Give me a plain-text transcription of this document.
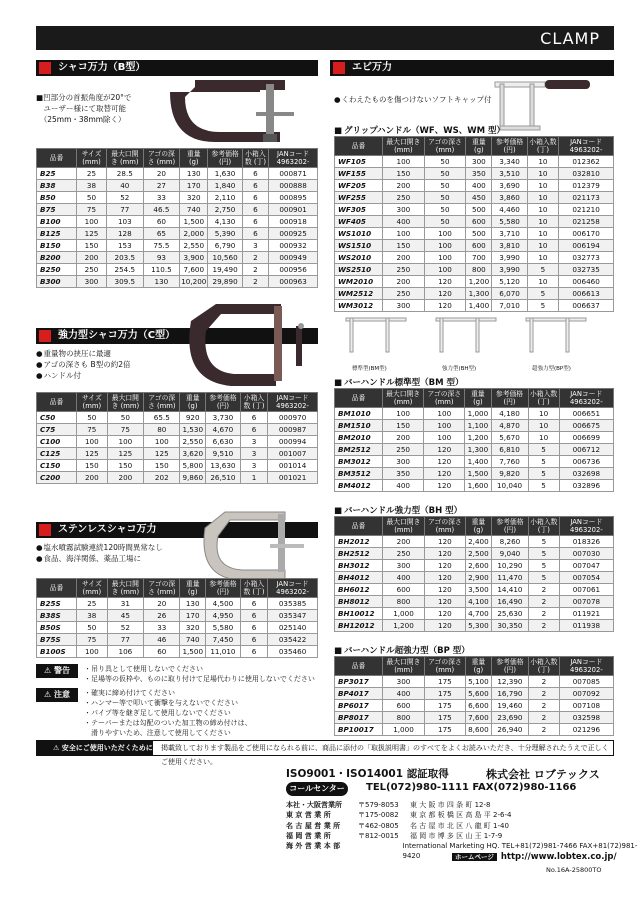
CLAMP
シャコ万力（B型）

■凹部分の首振角度が20°で

　ユーザー様にて取替可能

　（25mm・38mm除く）

品番	サイズ (mm)	最大口開き (mm)	アゴの深さ (mm)	重量 (g)	参考価格 (円)	小箱入数 (丁)	JANコード 4963202-
B25	25	28.5	20	130	1,630	6	000871
B38	38	40	27	170	1,840	6	000888
B50	50	52	33	320	2,110	6	000895
B75	75	77	46.5	740	2,750	6	000901
B100	100	103	60	1,500	4,130	6	000918
B125	125	128	65	2,000	5,390	6	000925
B150	150	153	75.5	2,550	6,790	3	000932
B200	200	203.5	93	3,900	10,560	2	000949
B250	250	254.5	110.5	7,600	19,490	2	000956
B300	300	309.5	130	10,200	29,890	2	000963
強力型シャコ万力（C型）
● 重量物の挟圧に最適
● アゴの深さも B型の約2倍
● ハンドル付
品番	サイズ (mm)	最大口開き (mm)	アゴの深さ (mm)	重量 (g)	参考価格 (円)	小箱入数 (丁)	JANコード 4963202-
C50	50	50	65.5	920	3,730	6	000970
C75	75	75	80	1,530	4,670	6	000987
C100	100	100	100	2,550	6,630	3	000994
C125	125	125	125	3,620	9,510	3	001007
C150	150	150	150	5,800	13,630	3	001014
C200	200	200	202	9,860	26,510	1	001021
ステンレスシャコ万力
● 塩水噴霧試験連続120時間異常なし
● 食品、海洋関係、薬品工場に
品番	サイズ (mm)	最大口開き (mm)	アゴの深さ (mm)	重量 (g)	参考価格 (円)	小箱入数 (丁)	JANコード 4963202-
B25S	25	31	20	130	4,500	6	035385
B38S	38	45	26	170	4,950	6	035347
B50S	50	52	33	320	5,580	6	025140
B75S	75	77	46	740	7,450	6	035422
B100S	100	106	60	1,500	11,010	6	035460
⚠ 警告	・吊り具として使用しないでください
・足場等の仮枠や、ものに取り付けて足場代わりに使用しないでください
⚠ 注意	・確実に締め付けてください
・ハンマー等で叩いて衝撃を与えないでください
・パイプ等を継ぎ足して使用しないでください
・テーパーまたは勾配のついた加工物の締め付けは、
　滑りやすいため、注意して使用してください
エビ万力
● くわえたものを傷つけないソフトキャップ付
■ グリップハンドル（WF、WS、WM 型）
品番	最大口開き (mm)	アゴの深さ (mm)	重量 (g)	参考価格 (円)	小箱入数 (丁)	JANコード 4963202-
WF105	100	50	300	3,340	10	012362
WF155	150	50	350	3,510	10	032810
WF205	200	50	400	3,690	10	012379
WF255	250	50	450	3,860	10	021173
WF305	300	50	500	4,460	10	021210
WF405	400	50	600	5,580	10	021258
WS1010	100	100	500	3,710	10	006170
WS1510	150	100	600	3,810	10	006194
WS2010	200	100	700	3,990	10	032773
WS2510	250	100	800	3,990	5	032735
WM2010	200	120	1,200	5,120	10	006460
WM2512	250	120	1,300	6,070	5	006613
WM3012	300	120	1,400	7,010	5	006637
標準型(BM型)	強力型(BH型)	超強力型(BP型)
■ バーハンドル標準型（BM 型）
品番	最大口開き (mm)	アゴの深さ (mm)	重量 (g)	参考価格 (円)	小箱入数 (丁)	JANコード 4963202-
BM1010	100	100	1,000	4,180	10	006651
BM1510	150	100	1,100	4,870	10	006675
BM2010	200	100	1,200	5,670	10	006699
BM2512	250	120	1,300	6,810	5	006712
BM3012	300	120	1,400	7,760	5	006736
BM3512	350	120	1,500	9,820	5	032698
BM4012	400	120	1,600	10,040	5	032896
■ バーハンドル強力型（BH 型）
品番	最大口開き (mm)	アゴの深さ (mm)	重量 (g)	参考価格 (円)	小箱入数 (丁)	JANコード 4963202-
BH2012	200	120	2,400	8,260	5	018326
BH2512	250	120	2,500	9,040	5	007030
BH3012	300	120	2,600	10,290	5	007047
BH4012	400	120	2,900	11,470	5	007054
BH6012	600	120	3,500	14,410	2	007061
BH8012	800	120	4,100	16,490	2	007078
BH10012	1,000	120	4,700	25,630	2	011921
BH12012	1,200	120	5,300	30,350	2	011938
■ バーハンドル超強力型（BP 型）
品番	最大口開き (mm)	アゴの深さ (mm)	重量 (g)	参考価格 (円)	小箱入数 (丁)	JANコード 4963202-
BP3017	300	175	5,100	12,390	2	007085
BP4017	400	175	5,600	16,790	2	007092
BP6017	600	175	6,600	19,460	2	007108
BP8017	800	175	7,600	23,690	2	032598
BP10017	1,000	175	8,600	26,940	2	021296
⚠ 安全にご使用いただくために 掲載致しております製品をご使用になられる前に、商品に添付の「取扱説明書」のすべてをよくお読みいただき、十分理解されたうえで正しくご使用ください。
ISO9001・ISO14001 認証取得	株式会社 ロブテックス
コールセンター	TEL(072)980-1111 FAX(072)980-1166
本社・大阪営業所	〒579-8053	東 大 阪 市 四 条 町 12-8
東 京 営 業 所	〒175-0082	東 京 都 板 橋 区 高 島 平 2-6-4
名 古 屋 営 業 所	〒462-0805	名 古 屋 市 北 区 八 龍 町 1-40
福 岡 営 業 所	〒812-0015	福 岡 市 博 多 区 山 王 1-7-9
海 外 営 業 本 部	International Marketing HQ. TEL+81(72)981-7466 FAX+81(72)981-9420	ホームページ http://www.lobtex.co.jp/
No.16A-25800TO
